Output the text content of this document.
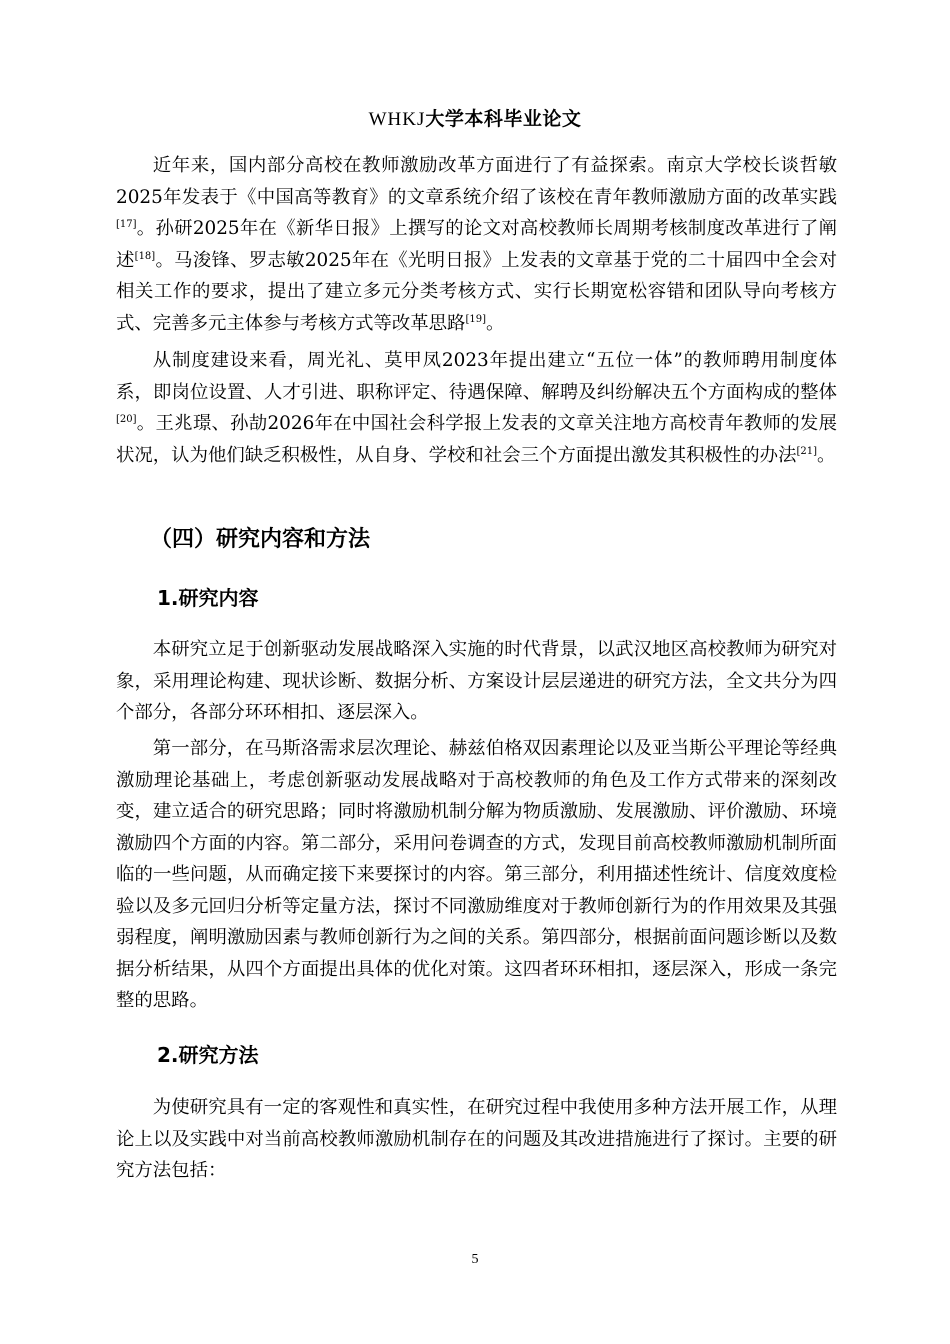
WHKJ大学本科毕业论文

近年来，国内部分高校在教师激励改革方面进行了有益探索。南京大学校长谈哲敏2025年发表于《中国高等教育》的文章系统介绍了该校在青年教师激励方面的改革实践[17]。孙研2025年在《新华日报》上撰写的论文对高校教师长周期考核制度改革进行了阐述[18]。马浚锋、罗志敏2025年在《光明日报》上发表的文章基于党的二十届四中全会对相关工作的要求，提出了建立多元分类考核方式、实行长期宽松容错和团队导向考核方式、完善多元主体参与考核方式等改革思路[19]。

从制度建设来看，周光礼、莫甲凤2023年提出建立“五位一体”的教师聘用制度体系，即岗位设置、人才引进、职称评定、待遇保障、解聘及纠纷解决五个方面构成的整体[20]。王兆璟、孙劼2026年在中国社会科学报上发表的文章关注地方高校青年教师的发展状况，认为他们缺乏积极性，从自身、学校和社会三个方面提出激发其积极性的办法[21]。

（四）研究内容和方法
1.研究内容

本研究立足于创新驱动发展战略深入实施的时代背景，以武汉地区高校教师为研究对象，采用理论构建、现状诊断、数据分析、方案设计层层递进的研究方法，全文共分为四个部分，各部分环环相扣、逐层深入。

第一部分，在马斯洛需求层次理论、赫兹伯格双因素理论以及亚当斯公平理论等经典激励理论基础上，考虑创新驱动发展战略对于高校教师的角色及工作方式带来的深刻改变，建立适合的研究思路；同时将激励机制分解为物质激励、发展激励、评价激励、环境激励四个方面的内容。第二部分，采用问卷调查的方式，发现目前高校教师激励机制所面临的一些问题，从而确定接下来要探讨的内容。第三部分，利用描述性统计、信度效度检验以及多元回归分析等定量方法，探讨不同激励维度对于教师创新行为的作用效果及其强弱程度，阐明激励因素与教师创新行为之间的关系。第四部分，根据前面问题诊断以及数据分析结果，从四个方面提出具体的优化对策。这四者环环相扣，逐层深入，形成一条完整的思路。

2.研究方法

为使研究具有一定的客观性和真实性，在研究过程中我使用多种方法开展工作，从理论上以及实践中对当前高校教师激励机制存在的问题及其改进措施进行了探讨。主要的研究方法包括：

5
